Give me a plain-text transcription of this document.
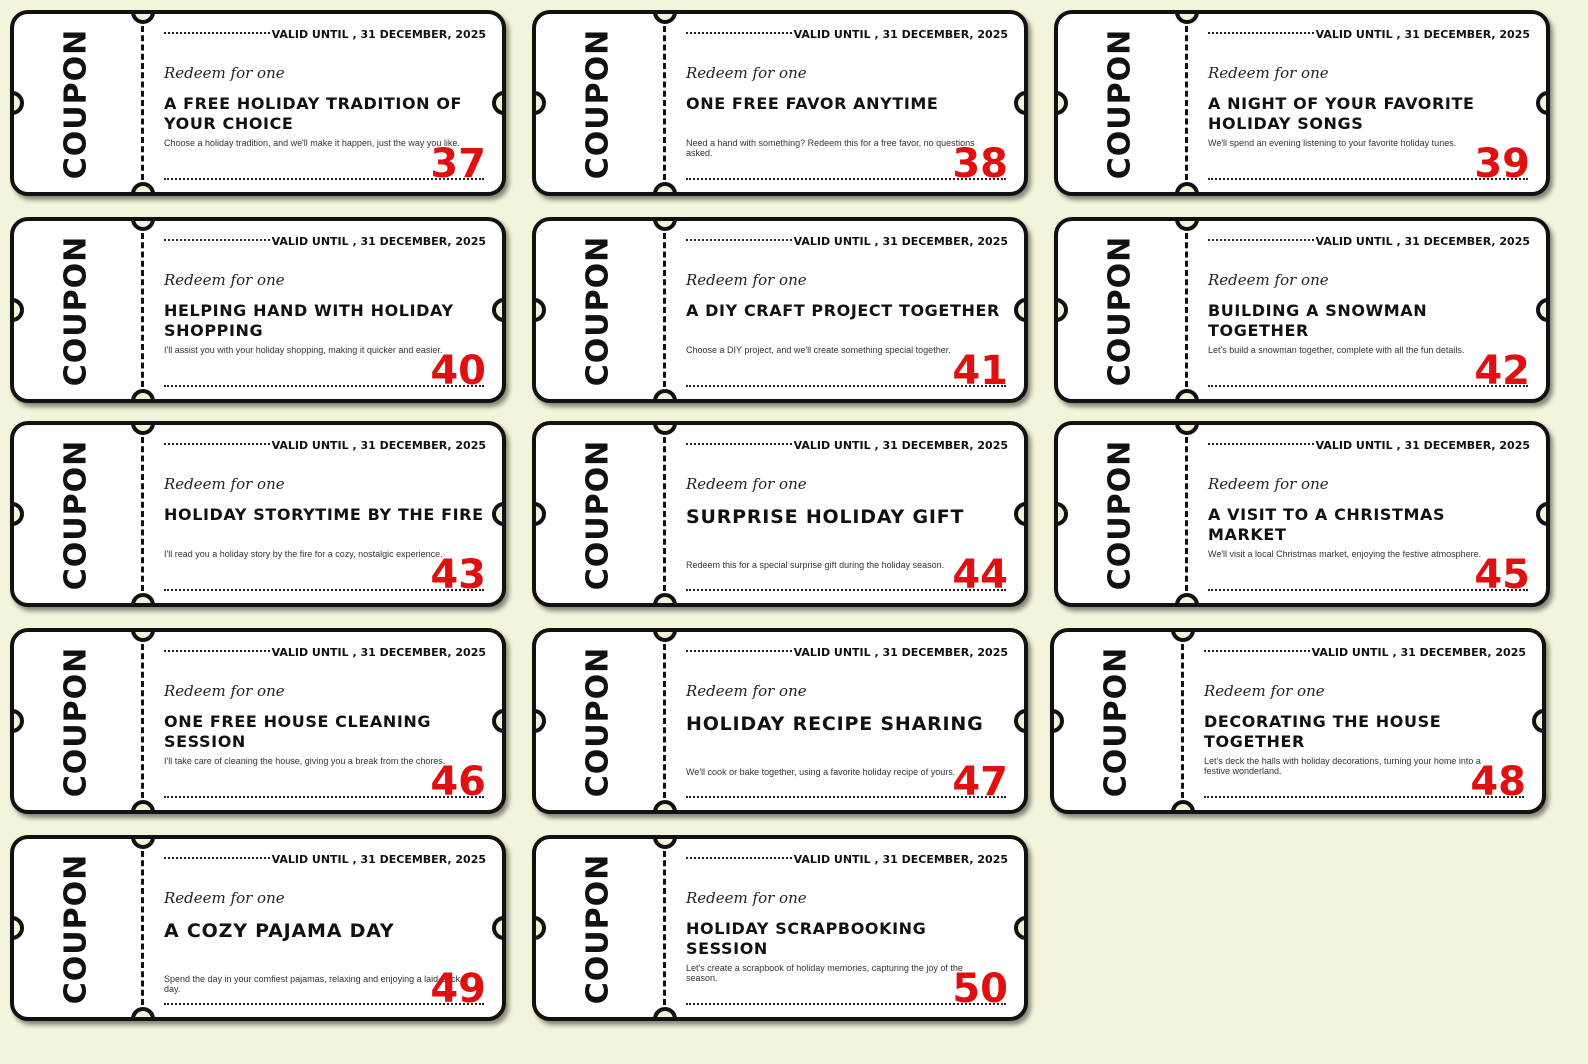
COUPON	VALID UNTIL , 31 DECEMBER, 2025
Redeem for one
A FREE HOLIDAY TRADITION OF YOUR CHOICE
Choose a holiday tradition, and we'll make it happen, just the way you like.
37	COUPON	VALID UNTIL , 31 DECEMBER, 2025
Redeem for one
ONE FREE FAVOR ANYTIME
Need a hand with something? Redeem this for a free favor, no questions asked.	38	COUPON	VALID UNTIL , 31 DECEMBER, 2025
Redeem for one
A NIGHT OF YOUR FAVORITE HOLIDAY SONGS
We'll spend an evening listening to your favorite holiday tunes. 39
COUPON	VALID UNTIL , 31 DECEMBER, 2025
Redeem for one
HELPING HAND WITH HOLIDAY SHOPPING
I'll assist you with your holiday shopping, making it quicker and easier.
40	COUPON	VALID UNTIL , 31 DECEMBER, 2025
Redeem for one
A DIY CRAFT PROJECT TOGETHER
Choose a DIY project, and we'll create something special together. 41	COUPON	VALID UNTIL , 31 DECEMBER, 2025
Redeem for one
BUILDING A SNOWMAN TOGETHER
Let's build a snowman together, complete with all the fun details. 42
COUPON	VALID UNTIL , 31 DECEMBER, 2025
Redeem for one
HOLIDAY STORYTIME BY THE FIRE
I'll read you a holiday story by the fire for a cozy, nostalgic experience.
43	COUPON	VALID UNTIL , 31 DECEMBER, 2025
Redeem for one
SURPRISE HOLIDAY GIFT
Redeem this for a special surprise gift during the holiday season. 44	COUPON	VALID UNTIL , 31 DECEMBER, 2025
Redeem for one
A VISIT TO A CHRISTMAS MARKET
We'll visit a local Christmas market, enjoying the festive atmosphere.
45
COUPON	VALID UNTIL , 31 DECEMBER, 2025
Redeem for one
ONE FREE HOUSE CLEANING SESSION
I'll take care of cleaning the house, giving you a break from the chores.
46	COUPON	VALID UNTIL , 31 DECEMBER, 2025
Redeem for one
HOLIDAY RECIPE SHARING
We'll cook or bake together, using a favorite holiday recipe of yours.
47	COUPON	VALID UNTIL , 31 DECEMBER, 2025
Redeem for one
DECORATING THE HOUSE TOGETHER
Let's deck the halls with holiday decorations, turning your home into a festive wonderland.	48
COUPON	VALID UNTIL , 31 DECEMBER, 2025
Redeem for one
A COZY PAJAMA DAY
Spend the day in your comfiest pajamas, relaxing and enjoying a laid-back day.	49	COUPON	VALID UNTIL , 31 DECEMBER, 2025
Redeem for one
HOLIDAY SCRAPBOOKING SESSION
Let's create a scrapbook of holiday memories, capturing the joy of the season.	50
